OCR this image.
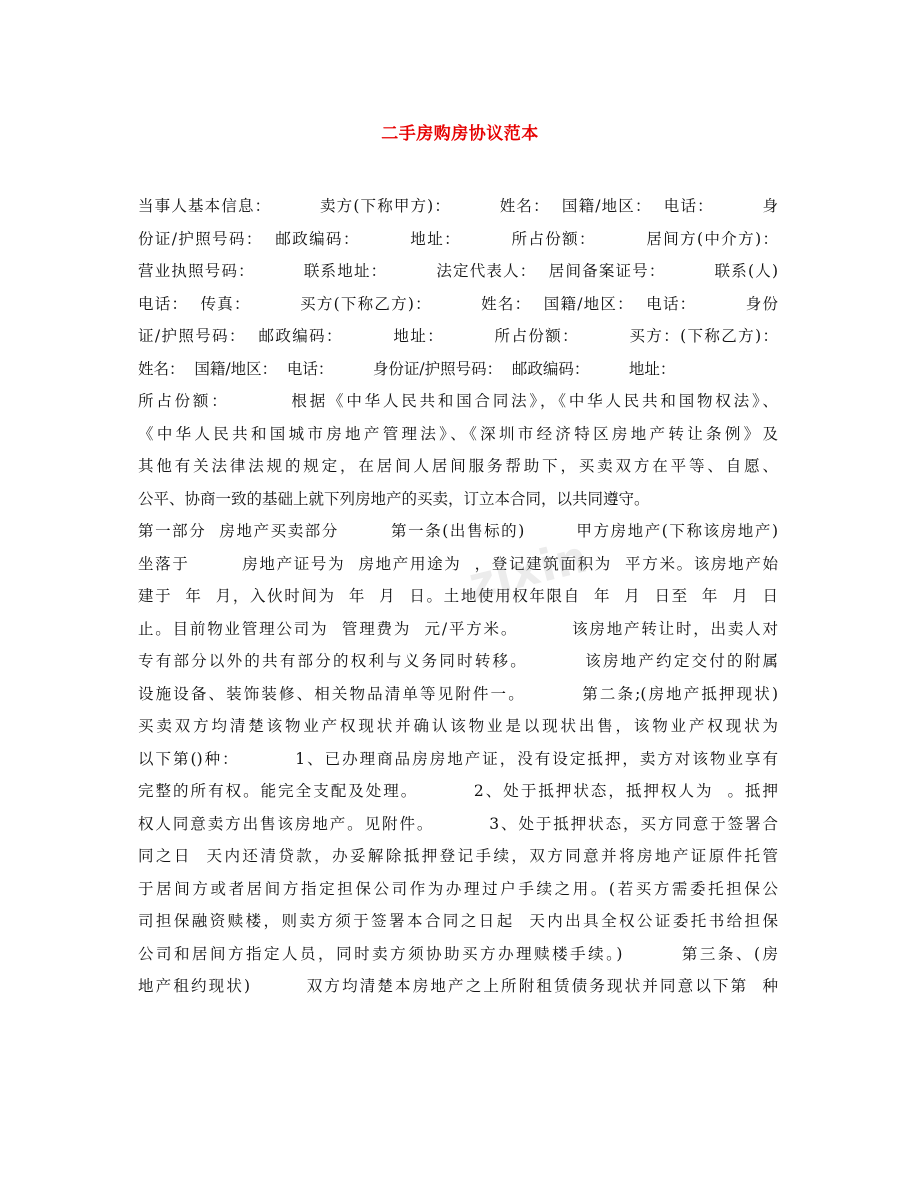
二手房购房协议范本
当事人基本信息：        卖方(下称甲方)：        姓名：  国籍/地区：  电话：        身
份证/护照号码：  邮政编码：        地址：        所占份额：        居间方(中介方)：
营业执照号码：        联系地址：        法定代表人：  居间备案证号：        联系(人)
电话：  传真：        买方(下称乙方)：        姓名：  国籍/地区：  电话：        身份
证/护照号码：  邮政编码：        地址：        所占份额：        买方：(下称乙方)：
姓名：  国籍/地区：  电话：        身份证/护照号码：  邮政编码：        地址：
所占份额：        根据《中华人民共和国合同法》，《中华人民共和国物权法》、
《中华人民共和国城市房地产管理法》、《深圳市经济特区房地产转让条例》及
其他有关法律法规的规定，在居间人居间服务帮助下，买卖双方在平等、自愿、
公平、协商一致的基础上就下列房地产的买卖，订立本合同，以共同遵守。
第一部分  房地产买卖部分        第一条(出售标的)        甲方房地产(下称该房地产)
坐落于        房地产证号为  房地产用途为  ，登记建筑面积为  平方米。该房地产始
建于  年  月，入伙时间为  年  月  日。土地使用权年限自  年  月  日至  年  月  日
止。目前物业管理公司为  管理费为  元/平方米。        该房地产转让时，出卖人对
专有部分以外的共有部分的权利与义务同时转移。        该房地产约定交付的附属
设施设备、装饰装修、相关物品清单等见附件一。        第二条;(房地产抵押现状)
买卖双方均清楚该物业产权现状并确认该物业是以现状出售，该物业产权现状为
以下第()种：        1、已办理商品房房地产证，没有设定抵押，卖方对该物业享有
完整的所有权。能完全支配及处理。        2、处于抵押状态，抵押权人为  。抵押
权人同意卖方出售该房地产。见附件。        3、处于抵押状态，买方同意于签署合
同之日  天内还清贷款，办妥解除抵押登记手续，双方同意并将房地产证原件托管
于居间方或者居间方指定担保公司作为办理过户手续之用。(若买方需委托担保公
司担保融资赎楼，则卖方须于签署本合同之日起  天内出具全权公证委托书给担保
公司和居间方指定人员，同时卖方须协助买方办理赎楼手续。)        第三条、(房
地产租约现状)        双方均清楚本房地产之上所附租赁债务现状并同意以下第  种
zixin
